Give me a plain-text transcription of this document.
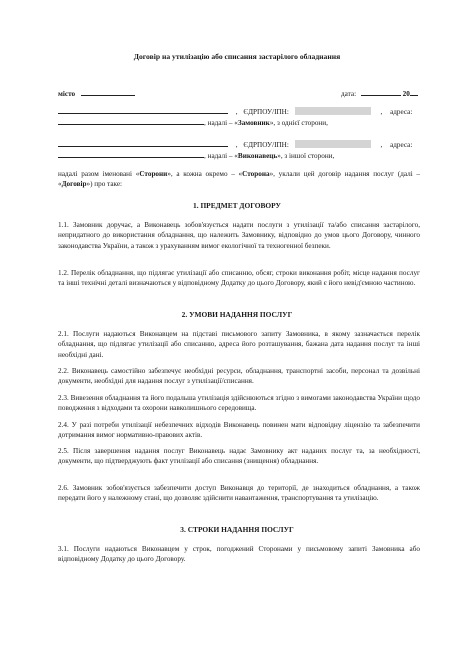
Договір на утилізацію або списання застарілого обладнання
місто	дата:	20
, ЄДРПОУ/ІПН:	, адреса:
, надалі – «Замовник», з однієї сторони,
, ЄДРПОУ/ІПН:	, адреса:
, надалі – «Виконавець», з іншої сторони,
надалі разом іменовані «Сторони», а кожна окремо – «Сторона», уклали цей договір надання послуг (далі – «Договір») про таке:
1. ПРЕДМЕТ ДОГОВОРУ
1.1. Замовник доручає, а Виконавець зобов'язується надати послуги з утилізації та/або списання застарілого, непридатного до використання обладнання, що належить Замовнику, відповідно до умов цього Договору, чинного законодавства України, а також з урахуванням вимог екологічної та техногенної безпеки.
1.2. Перелік обладнання, що підлягає утилізації або списанню, обсяг, строки виконання робіт, місце надання послуг та інші технічні деталі визначаються у відповідному Додатку до цього Договору, який є його невід'ємною частиною.
2. УМОВИ НАДАННЯ ПОСЛУГ
2.1. Послуги надаються Виконавцем на підставі письмового запиту Замовника, в якому зазначається перелік обладнання, що підлягає утилізації або списанню, адреса його розташування, бажана дата надання послуг та інші необхідні дані.
2.2. Виконавець самостійно забезпечує необхідні ресурси, обладнання, транспортні засоби, персонал та дозвільні документи, необхідні для надання послуг з утилізації/списання.
2.3. Вивезення обладнання та його подальша утилізація здійснюються згідно з вимогами законодавства України щодо поводження з відходами та охорони навколишнього середовища.
2.4. У разі потреби утилізації небезпечних відходів Виконавець повинен мати відповідну ліцензію та забезпечити дотримання вимог нормативно-правових актів.
2.5. Після завершення надання послуг Виконавець надає Замовнику акт наданих послуг та, за необхідності, документи, що підтверджують факт утилізації або списання (знищення) обладнання.
2.6. Замовник зобов'язується забезпечити доступ Виконавця до території, де знаходиться обладнання, а також передати його у належному стані, що дозволяє здійснити навантаження, транспортування та утилізацію.
3. СТРОКИ НАДАННЯ ПОСЛУГ
3.1. Послуги надаються Виконавцем у строк, погоджений Сторонами у письмовому запиті Замовника або відповідному Додатку до цього Договору.
